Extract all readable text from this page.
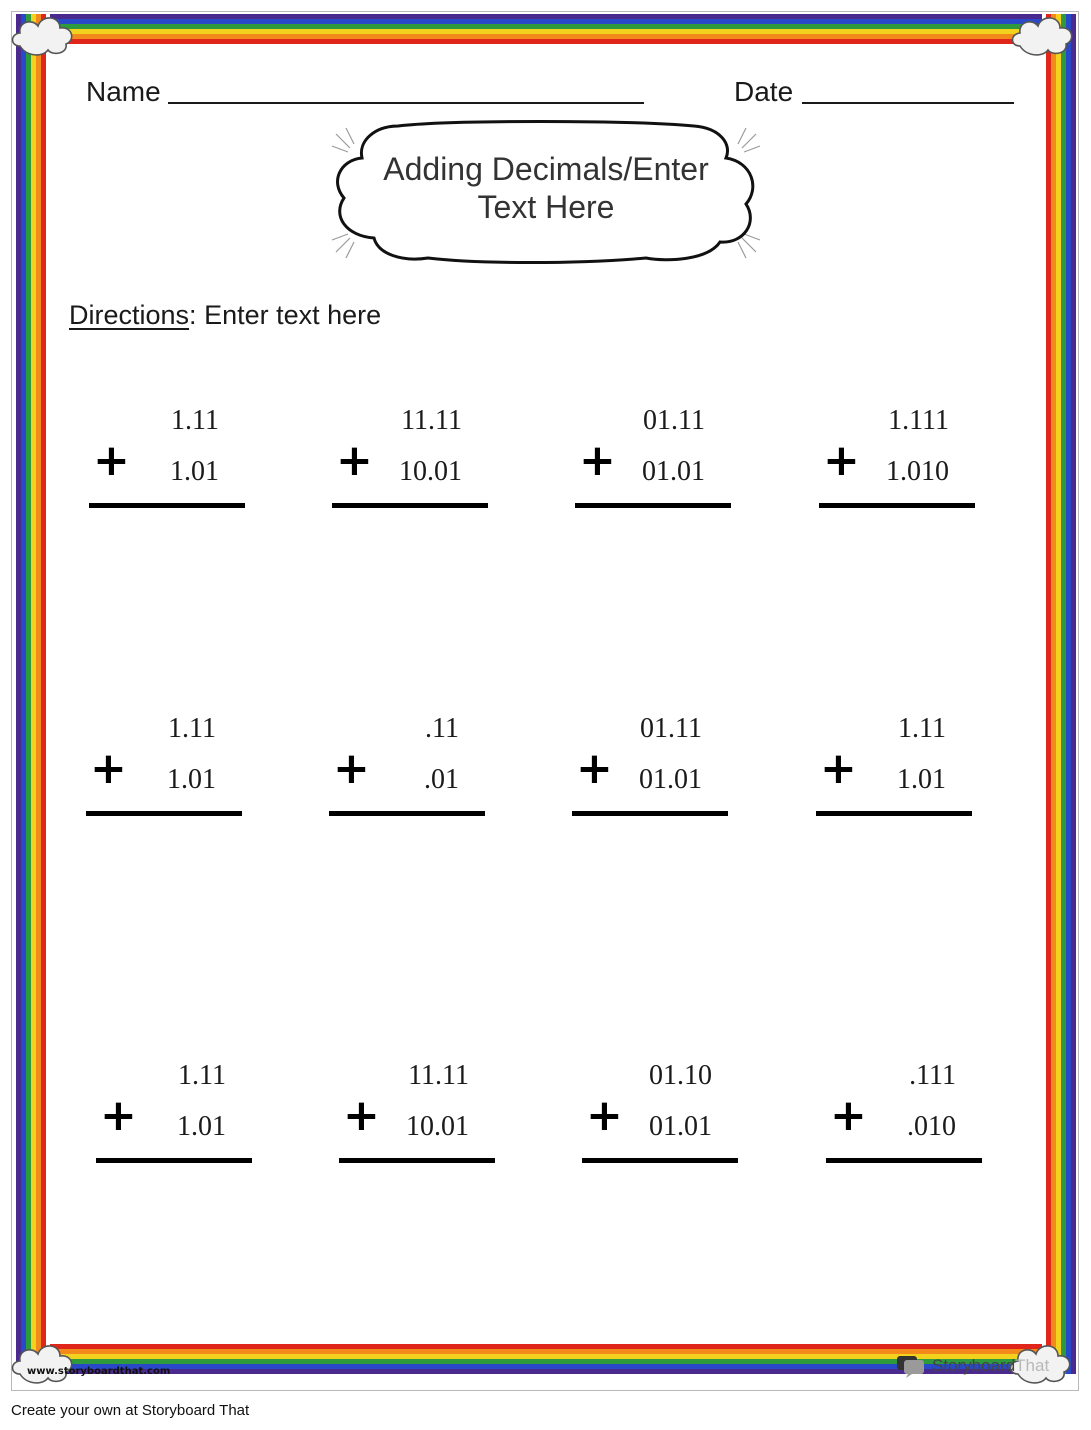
Name	Date
Adding Decimals/Enter
Text Here
Directions: Enter text here
1.11
+ 1.01
11.11
+ 10.01
01.11
+ 01.01
1.111
+ 1.010
1.11
+ 1.01
.11
+ .01
01.11
+ 01.01
1.11
+ 1.01
1.11
+ 1.01
11.11
+ 10.01
01.10
+ 01.01
.111
+ .010
www.storyboardthat.com	StoryboardThat
Create your own at Storyboard That
